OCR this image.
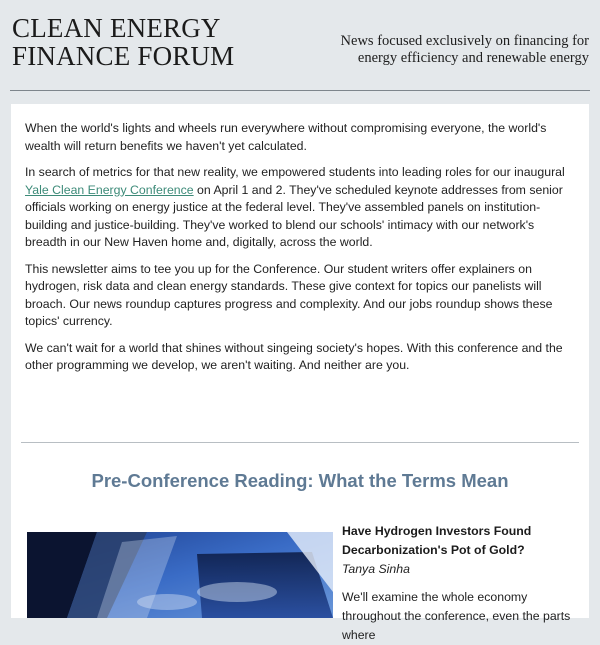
CLEAN ENERGY
FINANCE FORUM	News focused exclusively on financing for
energy efficiency and renewable energy

When the world's lights and wheels run everywhere without compromising everyone, the world's wealth will return benefits we haven't yet calculated.

In search of metrics for that new reality, we empowered students into leading roles for our inaugural Yale Clean Energy Conference on April 1 and 2. They've scheduled keynote addresses from senior officials working on energy justice at the federal level. They've assembled panels on institution-building and justice-building. They've worked to blend our schools' intimacy with our network's breadth in our New Haven home and, digitally, across the world.

This newsletter aims to tee you up for the Conference. Our student writers offer explainers on hydrogen, risk data and clean energy standards. These give context for topics our panelists will broach. Our news roundup captures progress and complexity. And our jobs roundup shows these topics' currency.

We can't wait for a world that shines without singeing society's hopes. With this conference and the other programming we develop, we aren't waiting. And neither are you.

Pre-Conference Reading: What the Terms Mean
Have Hydrogen Investors Found Decarbonization's Pot of Gold?
Tanya Sinha
We'll examine the whole economy throughout the conference, even the parts where
